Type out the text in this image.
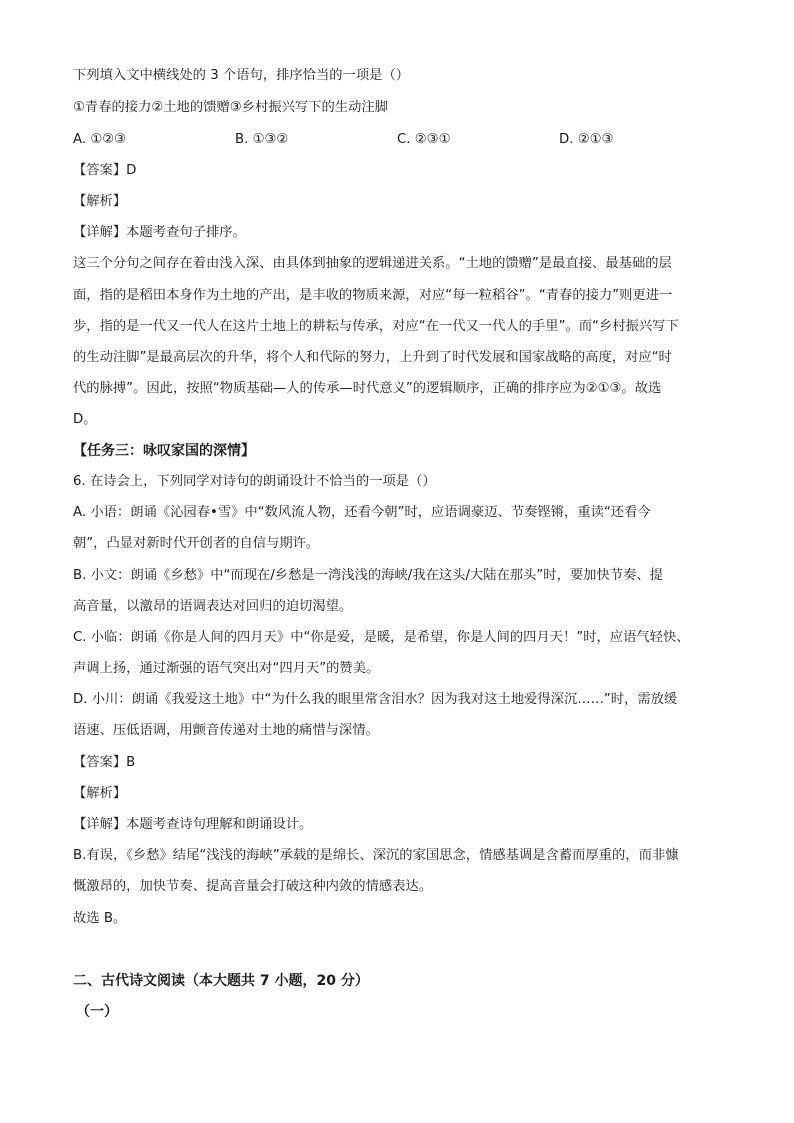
下列填入文中横线处的 3 个语句，排序恰当的一项是（）
①青春的接力②土地的馈赠③乡村振兴写下的生动注脚
A. ①②③	B. ①③②	C. ②③①	D. ②①③
【答案】D
【解析】
【详解】本题考查句子排序。
这三个分句之间存在着由浅入深、由具体到抽象的逻辑递进关系。“土地的馈赠”是最直接、最基础的层
面，指的是稻田本身作为土地的产出，是丰收的物质来源，对应“每一粒稻谷”。“青春的接力”则更进一
步，指的是一代又一代人在这片土地上的耕耘与传承，对应“在一代又一代人的手里”。而“乡村振兴写下
的生动注脚”是最高层次的升华，将个人和代际的努力，上升到了时代发展和国家战略的高度，对应“时
代的脉搏”。因此，按照“物质基础—人的传承—时代意义”的逻辑顺序，正确的排序应为②①③。故选
D。
【任务三：咏叹家国的深情】
6. 在诗会上，下列同学对诗句的朗诵设计不恰当的一项是（）
A. 小语：朗诵《沁园春•雪》中“数风流人物，还看今朝”时，应语调豪迈、节奏铿锵，重读“还看今
朝”，凸显对新时代开创者的自信与期许。
B. 小文：朗诵《乡愁》中“而现在/乡愁是一湾浅浅的海峡/我在这头/大陆在那头”时，要加快节奏、提
高音量，以激昂的语调表达对回归的迫切渴望。
C. 小临：朗诵《你是人间的四月天》中“你是爱，是暖，是希望，你是人间的四月天！”时，应语气轻快、
声调上扬，通过渐强的语气突出对“四月天”的赞美。
D. 小川：朗诵《我爱这土地》中“为什么我的眼里常含泪水？因为我对这土地爱得深沉……”时，需放缓
语速、压低语调，用颤音传递对土地的痛惜与深情。
【答案】B
【解析】
【详解】本题考查诗句理解和朗诵设计。
B.有误，《乡愁》结尾“浅浅的海峡”承载的是绵长、深沉的家国思念，情感基调是含蓄而厚重的，而非慷
慨激昂的，加快节奏、提高音量会打破这种内敛的情感表达。
故选 B。
二、古代诗文阅读（本大题共 7 小题，20 分）
（一）
